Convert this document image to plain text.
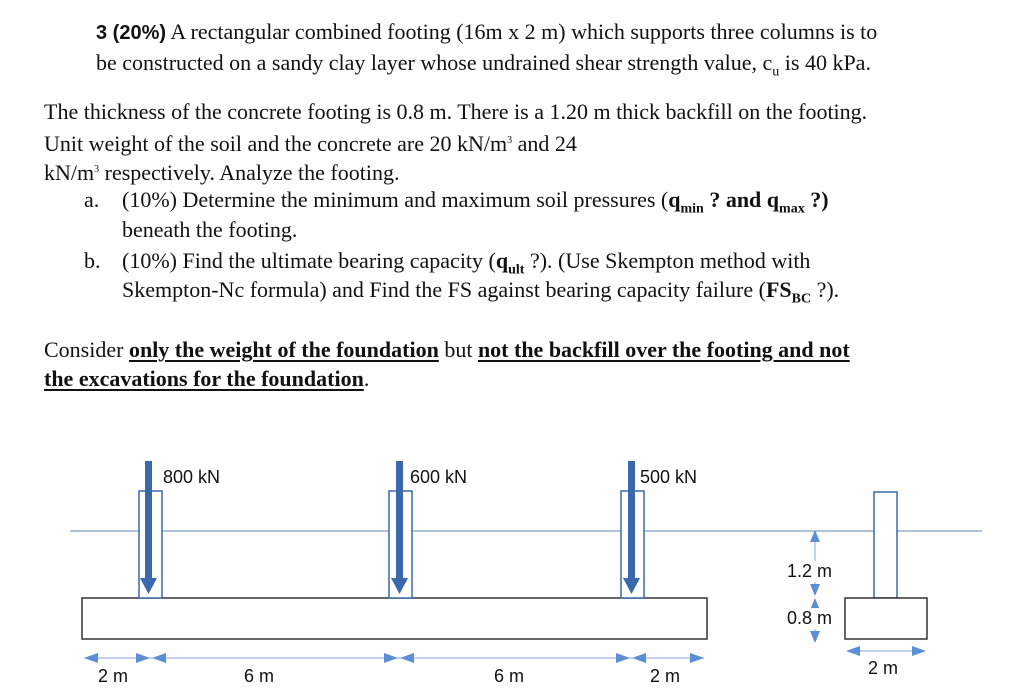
3 (20%) A rectangular combined footing (16m x 2 m) which supports three columns is to
be constructed on a sandy clay layer whose undrained shear strength value, $c_u$ is 40 kPa.
The thickness of the concrete footing is 0.8 m. There is a 1.20 m thick backfill on the footing.
Unit weight of the soil and the concrete are 20 $kN/m^3$ and 24
$kN/m^3$ respectively. Analyze the footing.
a. (10%) Determine the minimum and maximum soil pressures ($q_{min}$ ? and $q_{max}$ ?)
beneath the footing.
b. (10%) Find the ultimate bearing capacity ($q_{ult}$ ?). (Use Skempton method with
Skempton-Nc formula) and Find the FS against bearing capacity failure ($FS_{BC}$ ?).
Consider only the weight of the foundation but not the backfill over the footing and not
the excavations for the foundation.
800 kN	600 kN	500 kN
2 m	6 m	6 m	2 m
1.2 m
0.8 m
2 m
